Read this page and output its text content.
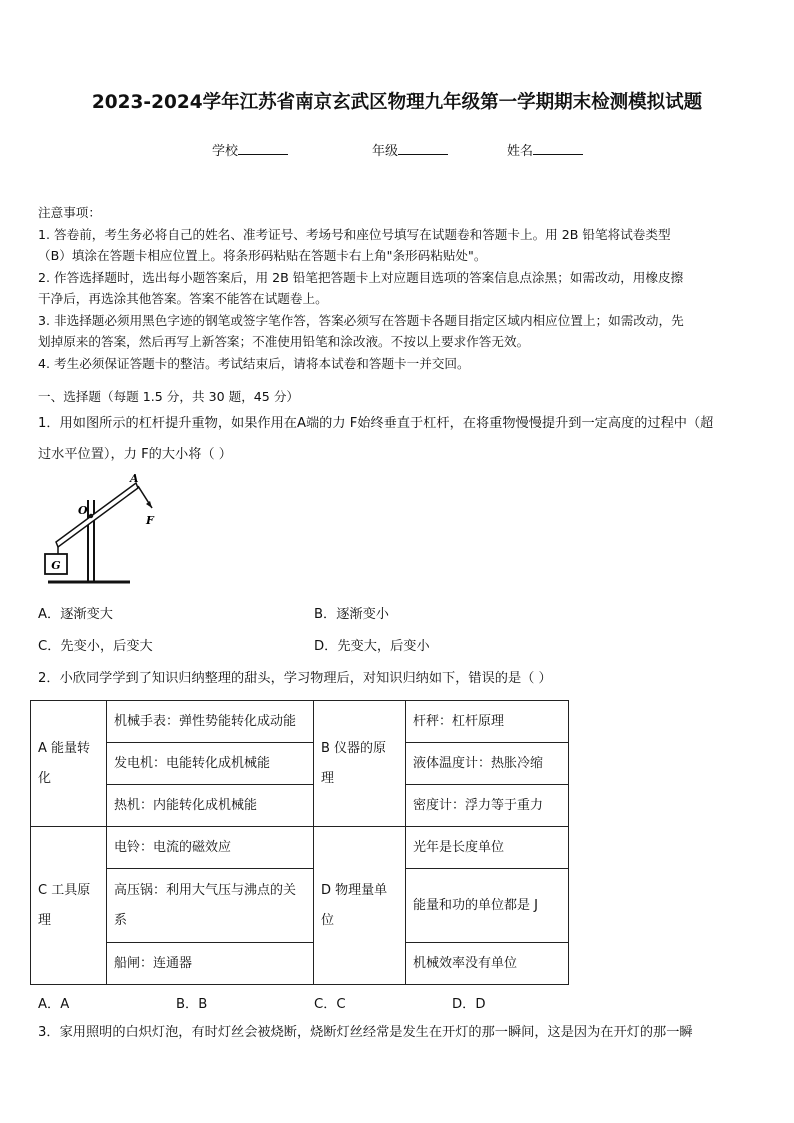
2023-2024学年江苏省南京玄武区物理九年级第一学期期末检测模拟试题
学校	年级	姓名

注意事项：

1. 答卷前，考生务必将自己的姓名、准考证号、考场号和座位号填写在试题卷和答题卡上。用 2B 铅笔将试卷类型

（B）填涂在答题卡相应位置上。将条形码粘贴在答题卡右上角"条形码粘贴处"。

2. 作答选择题时，选出每小题答案后，用 2B 铅笔把答题卡上对应题目选项的答案信息点涂黑；如需改动，用橡皮擦

干净后，再选涂其他答案。答案不能答在试题卷上。

3. 非选择题必须用黑色字迹的钢笔或签字笔作答，答案必须写在答题卡各题目指定区域内相应位置上；如需改动，先

划掉原来的答案，然后再写上新答案；不准使用铅笔和涂改液。不按以上要求作答无效。

4. 考生必须保证答题卡的整洁。考试结束后，请将本试卷和答题卡一并交回。

一、选择题（每题 1.5 分，共 30 题，45 分）
1．用如图所示的杠杆提升重物，如果作用在A端的力 F始终垂直于杠杆，在将重物慢慢提升到一定高度的过程中（超
过水平位置），力 F的大小将（ ）
G
A
O
F
A．逐渐变大	B．逐渐变小
C．先变小，后变大	D．先变大，后变小
2．小欣同学学到了知识归纳整理的甜头，学习物理后，对知识归纳如下，错误的是（ ）
A 能量转化	机械手表：弹性势能转化成动能	B 仪器的原理	杆秤：杠杆原理
	发电机：电能转化成机械能		液体温度计：热胀冷缩
	热机：内能转化成机械能		密度计：浮力等于重力
C 工具原理	电铃：电流的磁效应	D 物理量单位	光年是长度单位
	高压锅：利用大气压与沸点的关系		能量和功的单位都是 J
	船闸：连通器		机械效率没有单位
A．A	B．B	C．C	D．D
3．家用照明的白炽灯泡，有时灯丝会被烧断，烧断灯丝经常是发生在开灯的那一瞬间，这是因为在开灯的那一瞬
